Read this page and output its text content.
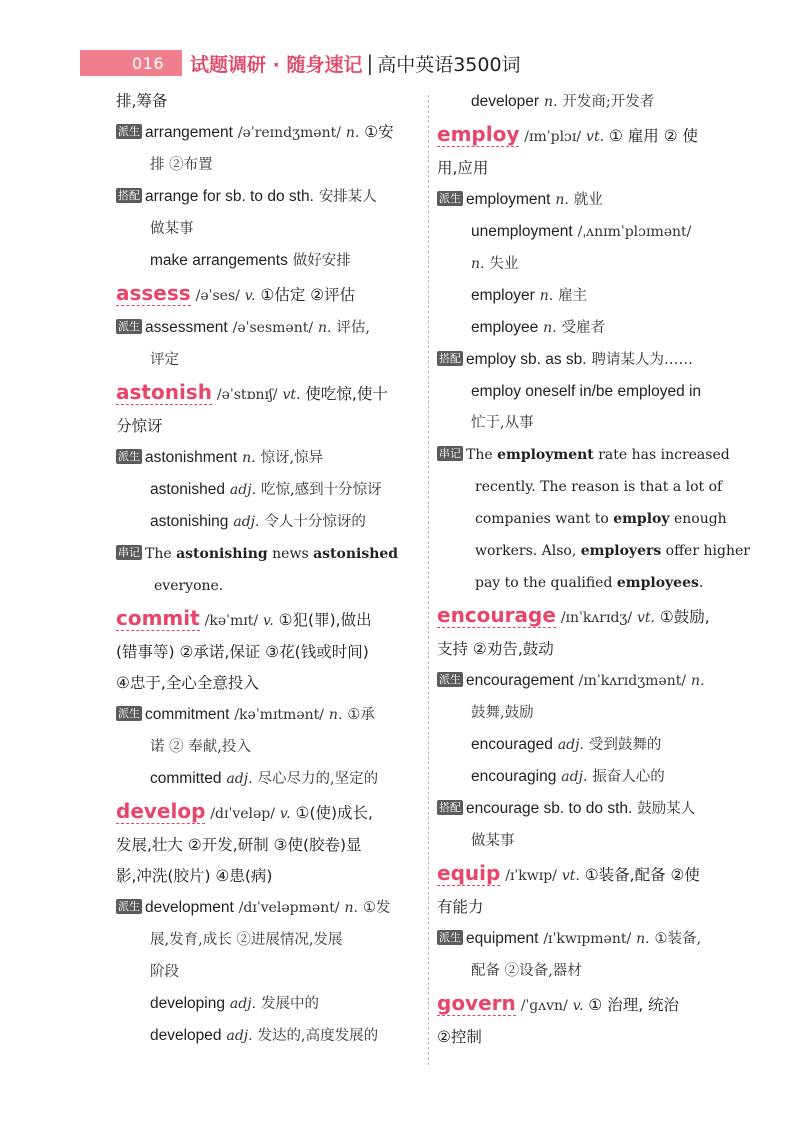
016 试题调研 · 随身速记 | 高中英语3500词
排,筹备
派生 arrangement /əˈreɪndʒmənt/ n. ①安
排 ②布置
搭配 arrange for sb. to do sth. 安排某人
做某事
make arrangements 做好安排
assess /əˈses/ v. ①估定 ②评估
派生 assessment /əˈsesmənt/ n. 评估,
评定
astonish /əˈstɒnɪʃ/ vt. 使吃惊,使十
分惊讶
派生 astonishment n. 惊讶,惊异
astonished adj. 吃惊,感到十分惊讶
astonishing adj. 令人十分惊讶的
串记 The astonishing news astonished
everyone.
commit /kəˈmɪt/ v. ①犯(罪),做出
(错事等) ②承诺,保证 ③花(钱或时间)
④忠于,全心全意投入
派生 commitment /kəˈmɪtmənt/ n. ①承
诺 ② 奉献,投入
committed adj. 尽心尽力的,坚定的
develop /dɪˈveləp/ v. ①(使)成长,
发展,壮大 ②开发,研制 ③使(胶卷)显
影,冲洗(胶片) ④患(病)
派生 development /dɪˈveləpmənt/ n. ①发
展,发育,成长 ②进展情况,发展
阶段
developing adj. 发展中的
developed adj. 发达的,高度发展的
developer n. 开发商;开发者
employ /ɪmˈplɔɪ/ vt. ① 雇用 ② 使
用,应用
派生 employment n. 就业
unemployment /ˌʌnɪmˈplɔɪmənt/
n. 失业
employer n. 雇主
employee n. 受雇者
搭配 employ sb. as sb. 聘请某人为……
employ oneself in/be employed in
忙于,从事
串记 The employment rate has increased
recently. The reason is that a lot of
companies want to employ enough
workers. Also, employers offer higher
pay to the qualified employees.
encourage /ɪnˈkʌrɪdʒ/ vt. ①鼓励,
支持 ②劝告,鼓动
派生 encouragement /ɪnˈkʌrɪdʒmənt/ n.
鼓舞,鼓励
encouraged adj. 受到鼓舞的
encouraging adj. 振奋人心的
搭配 encourage sb. to do sth. 鼓励某人
做某事
equip /ɪˈkwɪp/ vt. ①装备,配备 ②使
有能力
派生 equipment /ɪˈkwɪpmənt/ n. ①装备,
配备 ②设备,器材
govern /ˈɡʌvn/ v. ① 治理, 统治
②控制
